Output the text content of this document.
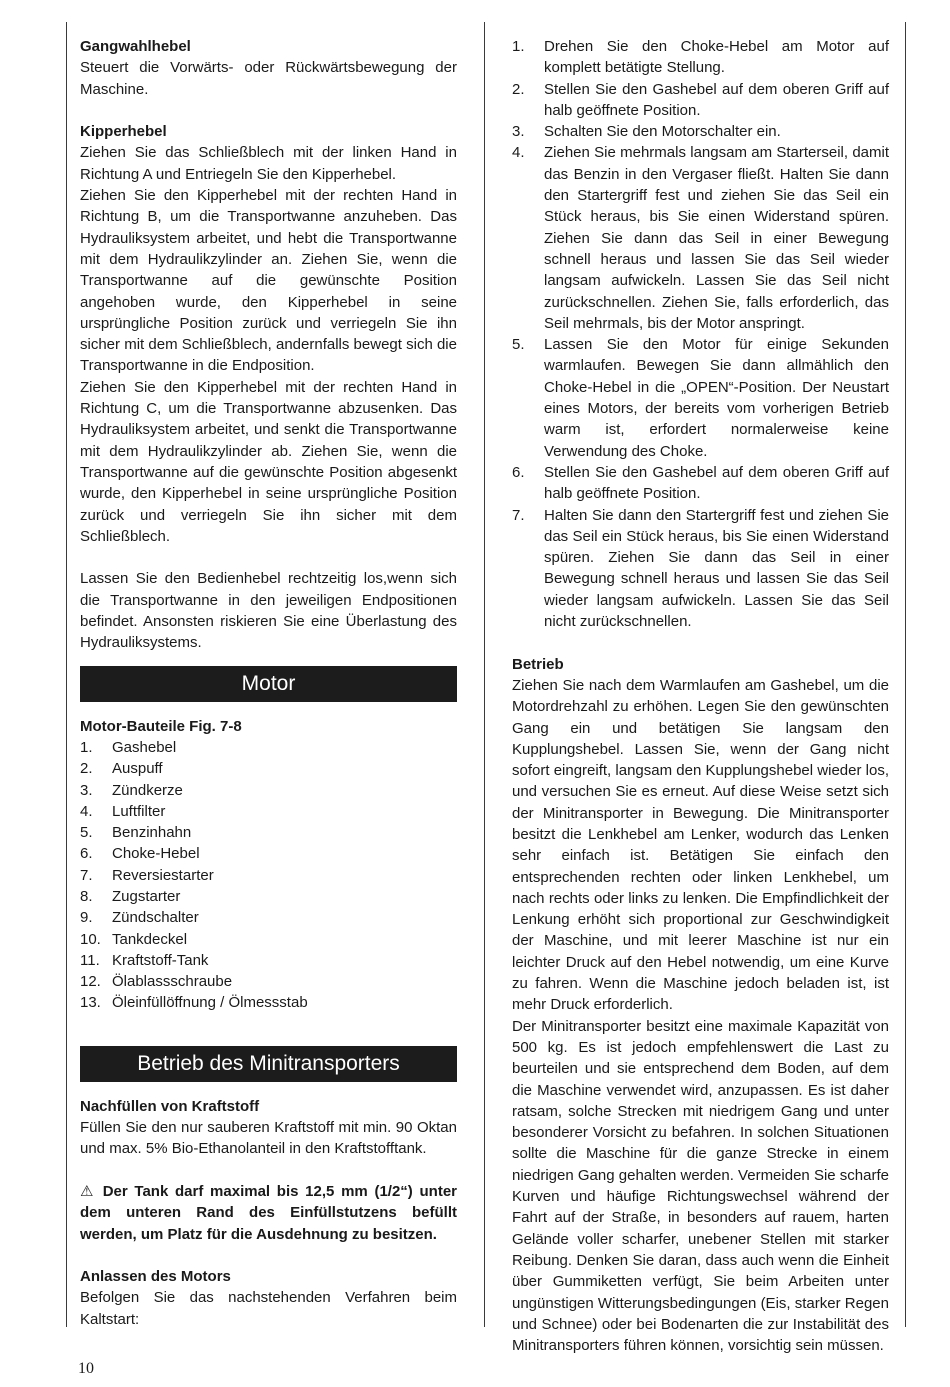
Gangwahlhebel

Steuert die Vorwärts- oder Rückwärtsbewegung der Maschine.

Kipperhebel

Ziehen Sie das Schließblech mit der linken Hand in Richtung A und Entriegeln Sie den Kipperhebel.

Ziehen Sie den Kipperhebel mit der rechten Hand in Richtung B, um die Transportwanne anzuheben. Das Hydrauliksystem arbeitet, und hebt die Transportwanne mit dem Hydraulikzylinder an. Ziehen Sie, wenn die Transportwanne auf die gewünschte Position angehoben wurde, den Kipperhebel in seine ursprüngliche Position zurück und verriegeln Sie ihn sicher mit dem Schließblech, andernfalls bewegt sich die Transportwanne in die Endposition.

Ziehen Sie den Kipperhebel mit der rechten Hand in Richtung C, um die Transportwanne abzusenken. Das Hydrauliksystem arbeitet, und senkt die Transportwanne mit dem Hydraulikzylinder ab. Ziehen Sie, wenn die Transportwanne auf die gewünschte Position abgesenkt wurde, den Kipperhebel in seine ursprüngliche Position zurück und verriegeln Sie ihn sicher mit dem Schließblech.

Lassen Sie den Bedienhebel rechtzeitig los,wenn sich die Transportwanne in den jeweiligen Endpositionen befindet. Ansonsten riskieren Sie eine Überlastung des Hydrauliksystems.

Motor

Motor-Bauteile Fig. 7-8

1.	Gashebel
2.	Auspuff
3.	Zündkerze
4.	Luftfilter
5.	Benzinhahn
6.	Choke-Hebel
7.	Reversiestarter
8.	Zugstarter
9.	Zündschalter
10. Tankdeckel
11. Kraftstoff-Tank
12. Ölablassschraube
13. Öleinfüllöffnung / Ölmessstab
Betrieb des Minitransporters

Nachfüllen von Kraftstoff

Füllen Sie den nur sauberen Kraftstoff mit min. 90 Oktan und max. 5% Bio-Ethanolanteil in den Kraftstofftank.

⚠ Der Tank darf maximal bis 12,5 mm (1/2“) unter dem unteren Rand des Einfüllstutzens befüllt werden, um Platz für die Ausdehnung zu besitzen.

Anlassen des Motors

Befolgen Sie das nachstehenden Verfahren beim Kaltstart:

1.	Drehen Sie den Choke-Hebel am Motor auf komplett betätigte Stellung.
2.	Stellen Sie den Gashebel auf dem oberen Griff auf halb geöffnete Position.
3.	Schalten Sie den Motorschalter ein.
4.	Ziehen Sie mehrmals langsam am Starterseil, damit das Benzin in den Vergaser fließt. Halten Sie dann den Startergriff fest und ziehen Sie das Seil ein Stück heraus, bis Sie einen Widerstand spüren. Ziehen Sie dann das Seil in einer Bewegung schnell heraus und lassen Sie das Seil wieder langsam aufwickeln. Lassen Sie das Seil nicht zurückschnellen. Ziehen Sie, falls erforderlich, das Seil mehrmals, bis der Motor anspringt.
5.	Lassen Sie den Motor für einige Sekunden warmlaufen. Bewegen Sie dann allmählich den Choke-Hebel in die „OPEN“-Position. Der Neustart eines Motors, der bereits vom vorherigen Betrieb warm ist, erfordert normalerweise keine Verwendung des Choke.
6.	Stellen Sie den Gashebel auf dem oberen Griff auf halb geöffnete Position.
7.	Halten Sie dann den Startergriff fest und ziehen Sie das Seil ein Stück heraus, bis Sie einen Widerstand spüren. Ziehen Sie dann das Seil in einer Bewegung schnell heraus und lassen Sie das Seil wieder langsam aufwickeln. Lassen Sie das Seil nicht zurückschnellen.

Betrieb

Ziehen Sie nach dem Warmlaufen am Gashebel, um die Motordrehzahl zu erhöhen. Legen Sie den gewünschten Gang ein und betätigen Sie langsam den Kupplungshebel. Lassen Sie, wenn der Gang nicht sofort eingreift, langsam den Kupplungshebel wieder los, und versuchen Sie es erneut. Auf diese Weise setzt sich der Minitransporter in Bewegung. Die Minitransporter besitzt die Lenkhebel am Lenker, wodurch das Lenken sehr einfach ist. Betätigen Sie einfach den entsprechenden rechten oder linken Lenkhebel, um nach rechts oder links zu lenken. Die Empfindlichkeit der Lenkung erhöht sich proportional zur Geschwindigkeit der Maschine, und mit leerer Maschine ist nur ein leichter Druck auf den Hebel notwendig, um eine Kurve zu fahren. Wenn die Maschine jedoch beladen ist, ist mehr Druck erforderlich.

Der Minitransporter besitzt eine maximale Kapazität von 500 kg. Es ist jedoch empfehlenswert die Last zu beurteilen und sie entsprechend dem Boden, auf dem die Maschine verwendet wird, anzupassen. Es ist daher ratsam, solche Strecken mit niedrigem Gang und unter besonderer Vorsicht zu befahren. In solchen Situationen sollte die Maschine für die ganze Strecke in einem niedrigen Gang gehalten werden. Vermeiden Sie scharfe Kurven und häufige Richtungswechsel während der Fahrt auf der Straße, in besonders auf rauem, harten Gelände voller scharfer, unebener Stellen mit starker Reibung. Denken Sie daran, dass auch wenn die Einheit über Gummiketten verfügt, Sie beim Arbeiten unter ungünstigen Witterungsbedingungen (Eis, starker Regen und Schnee) oder bei Bodenarten die zur Instabilität des Minitransporters führen können, vorsichtig sein müssen.

10
